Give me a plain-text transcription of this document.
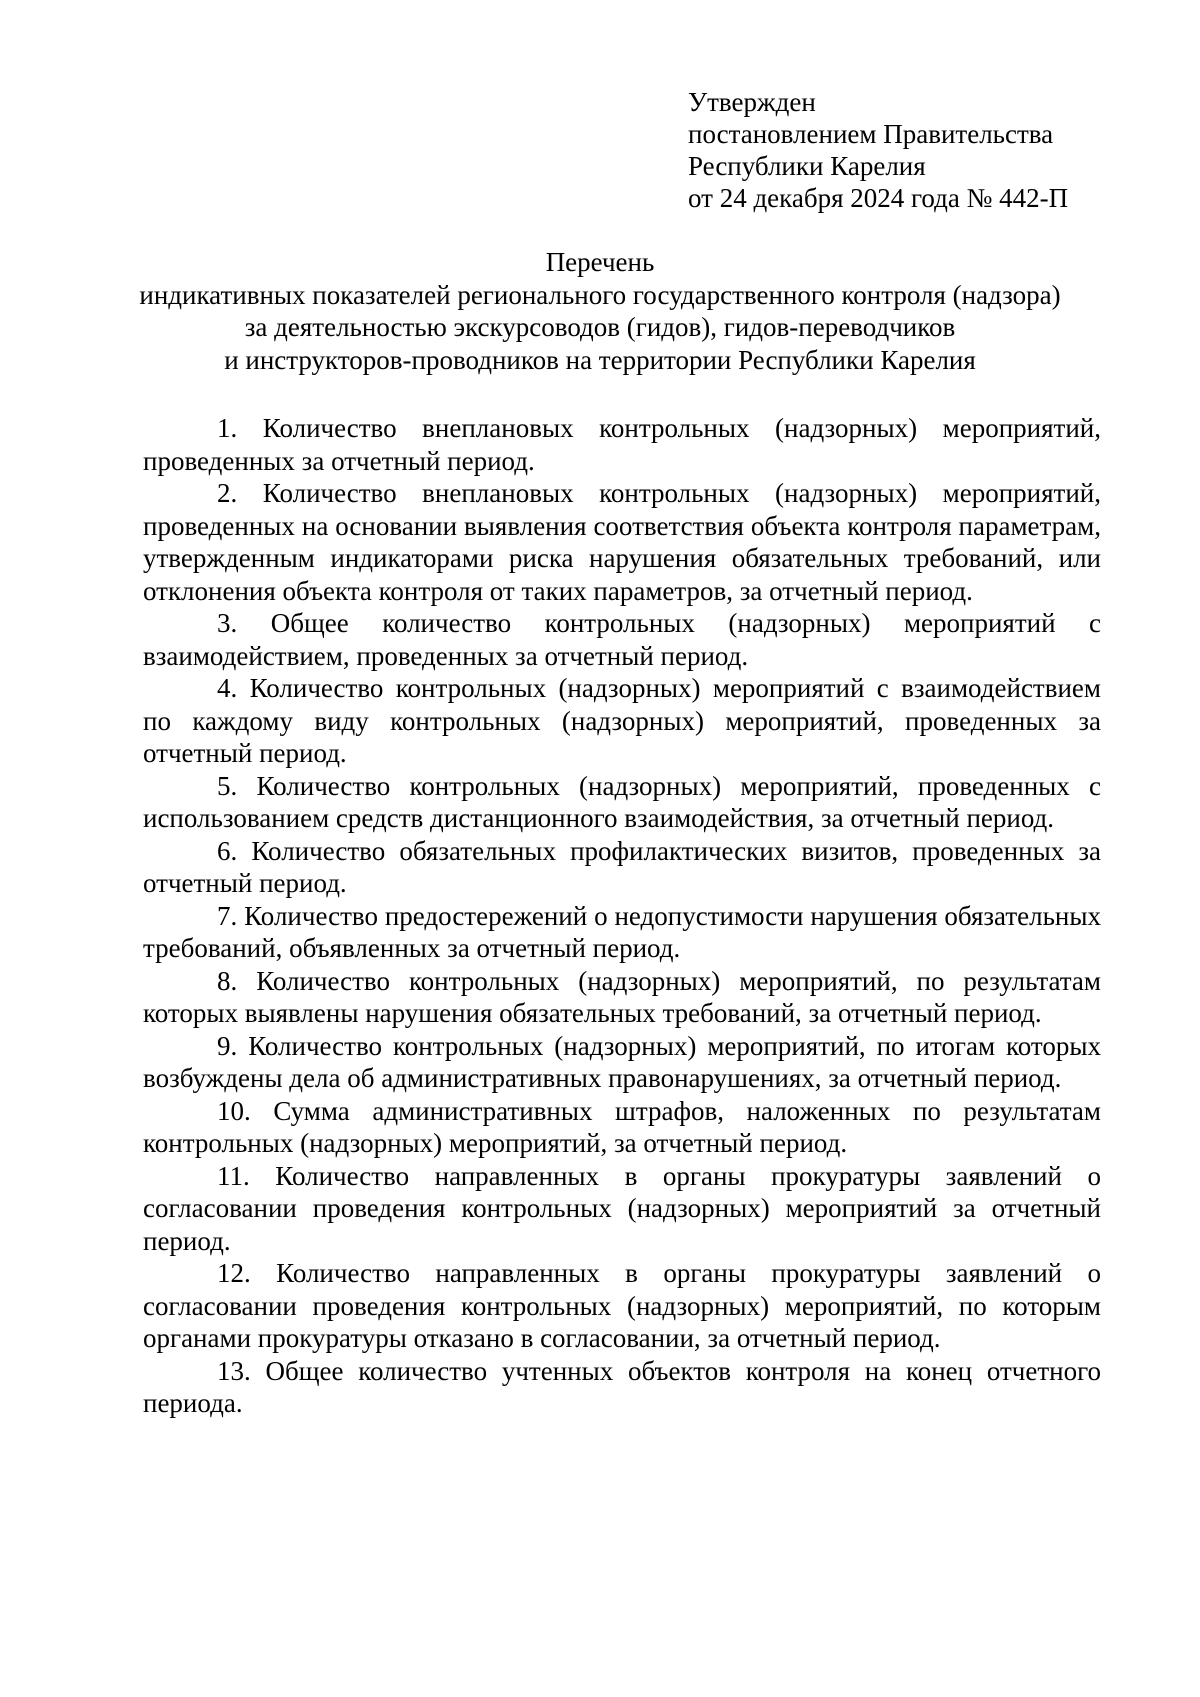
Утвержден
постановлением Правительства
Республики Карелия
от 24 декабря 2024 года № 442-П
Перечень
индикативных показателей регионального государственного контроля (надзора)
за деятельностью экскурсоводов (гидов), гидов-переводчиков
и инструкторов-проводников на территории Республики Карелия

1. Количество внеплановых контрольных (надзорных) мероприятий, проведенных за отчетный период.

2. Количество внеплановых контрольных (надзорных) мероприятий, проведенных на основании выявления соответствия объекта контроля параметрам, утвержденным индикаторами риска нарушения обязательных требований, или отклонения объекта контроля от таких параметров, за отчетный период.

3. Общее количество контрольных (надзорных) мероприятий с взаимодействием, проведенных за отчетный период.

4. Количество контрольных (надзорных) мероприятий с взаимодействием по каждому виду контрольных (надзорных) мероприятий, проведенных за отчетный период.

5. Количество контрольных (надзорных) мероприятий, проведенных с использованием средств дистанционного взаимодействия, за отчетный период.

6. Количество обязательных профилактических визитов, проведенных за отчетный период.

7. Количество предостережений о недопустимости нарушения обязательных требований, объявленных за отчетный период.

8. Количество контрольных (надзорных) мероприятий, по результатам которых выявлены нарушения обязательных требований, за отчетный период.

9. Количество контрольных (надзорных) мероприятий, по итогам которых возбуждены дела об административных правонарушениях, за отчетный период.

10. Сумма административных штрафов, наложенных по результатам контрольных (надзорных) мероприятий, за отчетный период.

11. Количество направленных в органы прокуратуры заявлений о согласовании проведения контрольных (надзорных) мероприятий за отчетный период.

12. Количество направленных в органы прокуратуры заявлений о согласовании проведения контрольных (надзорных) мероприятий, по которым органами прокуратуры отказано в согласовании, за отчетный период.

13. Общее количество учтенных объектов контроля на конец отчетного периода.
